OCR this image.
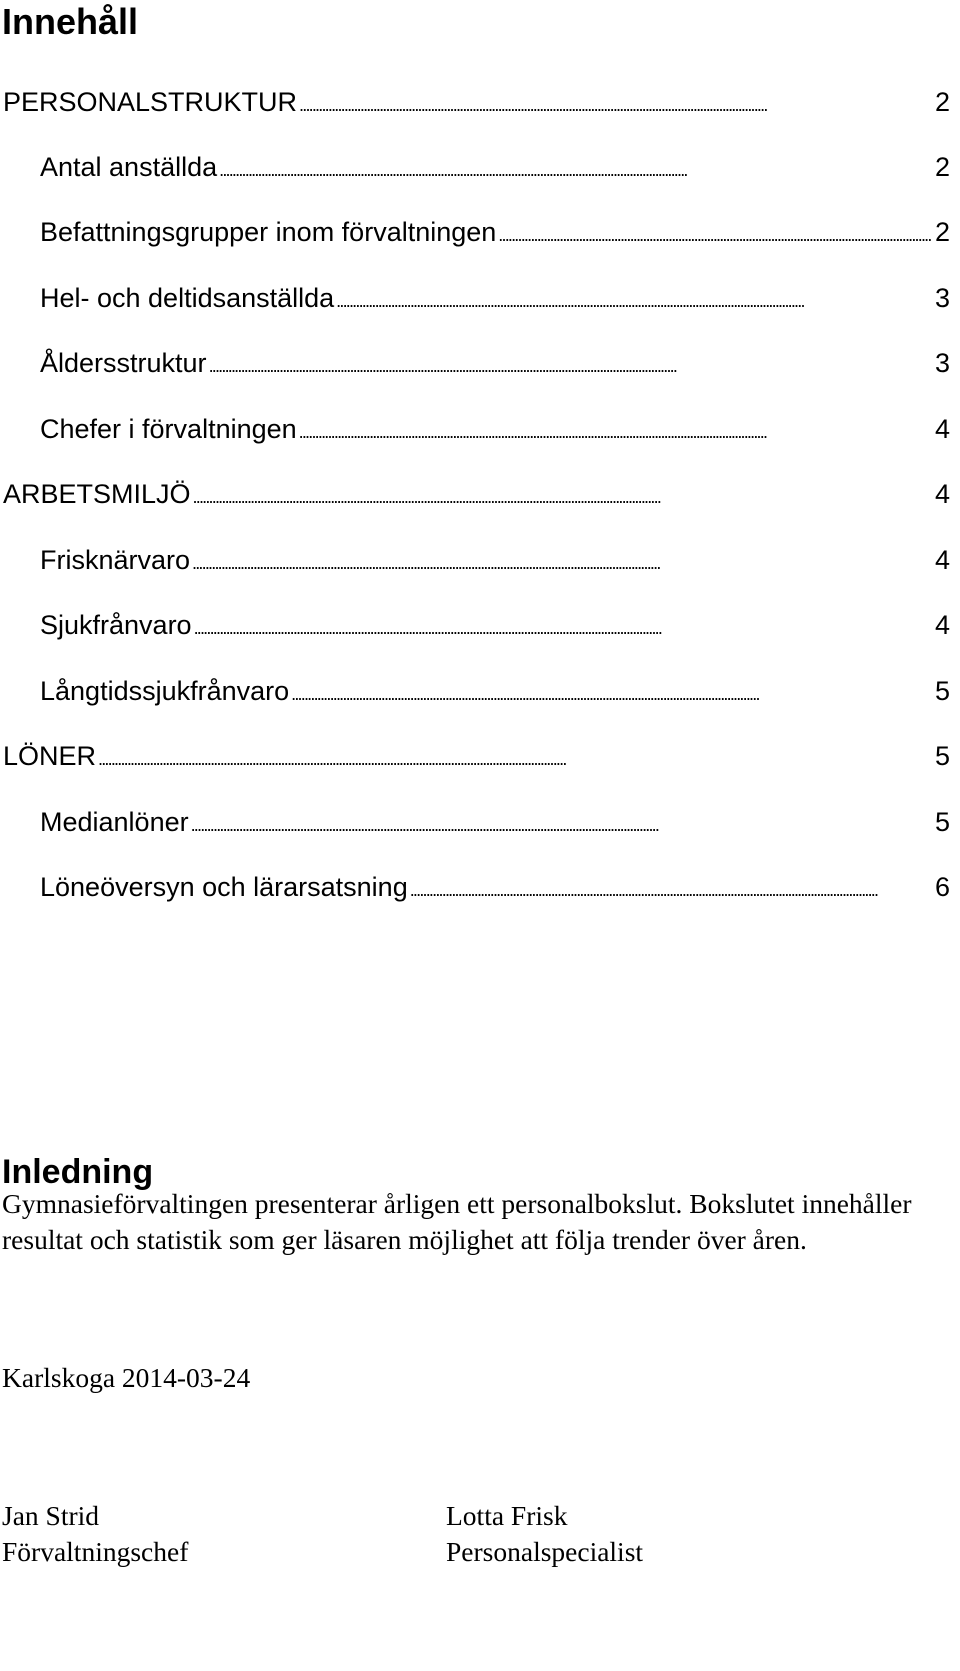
Innehåll
PERSONALSTRUKTUR . . .	2
Antal anställda . . .	2
Befattningsgrupper inom förvaltningen . . .	2
Hel- och deltidsanställda . . .	3
Åldersstruktur . . .	3
Chefer i förvaltningen . . .	4
ARBETSMILJÖ . . .	4
Frisknärvaro . . .	4
Sjukfrånvaro . . .	4
Långtidssjukfrånvaro . . .	5
LÖNER . . .	5
Medianlöner . . .	5
Löneöversyn och lärarsatsning . . .	6
Inledning

Gymnasieförvaltingen presenterar årligen ett personalbokslut. Bokslutet innehåller resultat och statistik som ger läsaren möjlighet att följa trender över åren.

Karlskoga 2014-03-24

Jan Strid
Förvaltningschef
Lotta Frisk
Personalspecialist
